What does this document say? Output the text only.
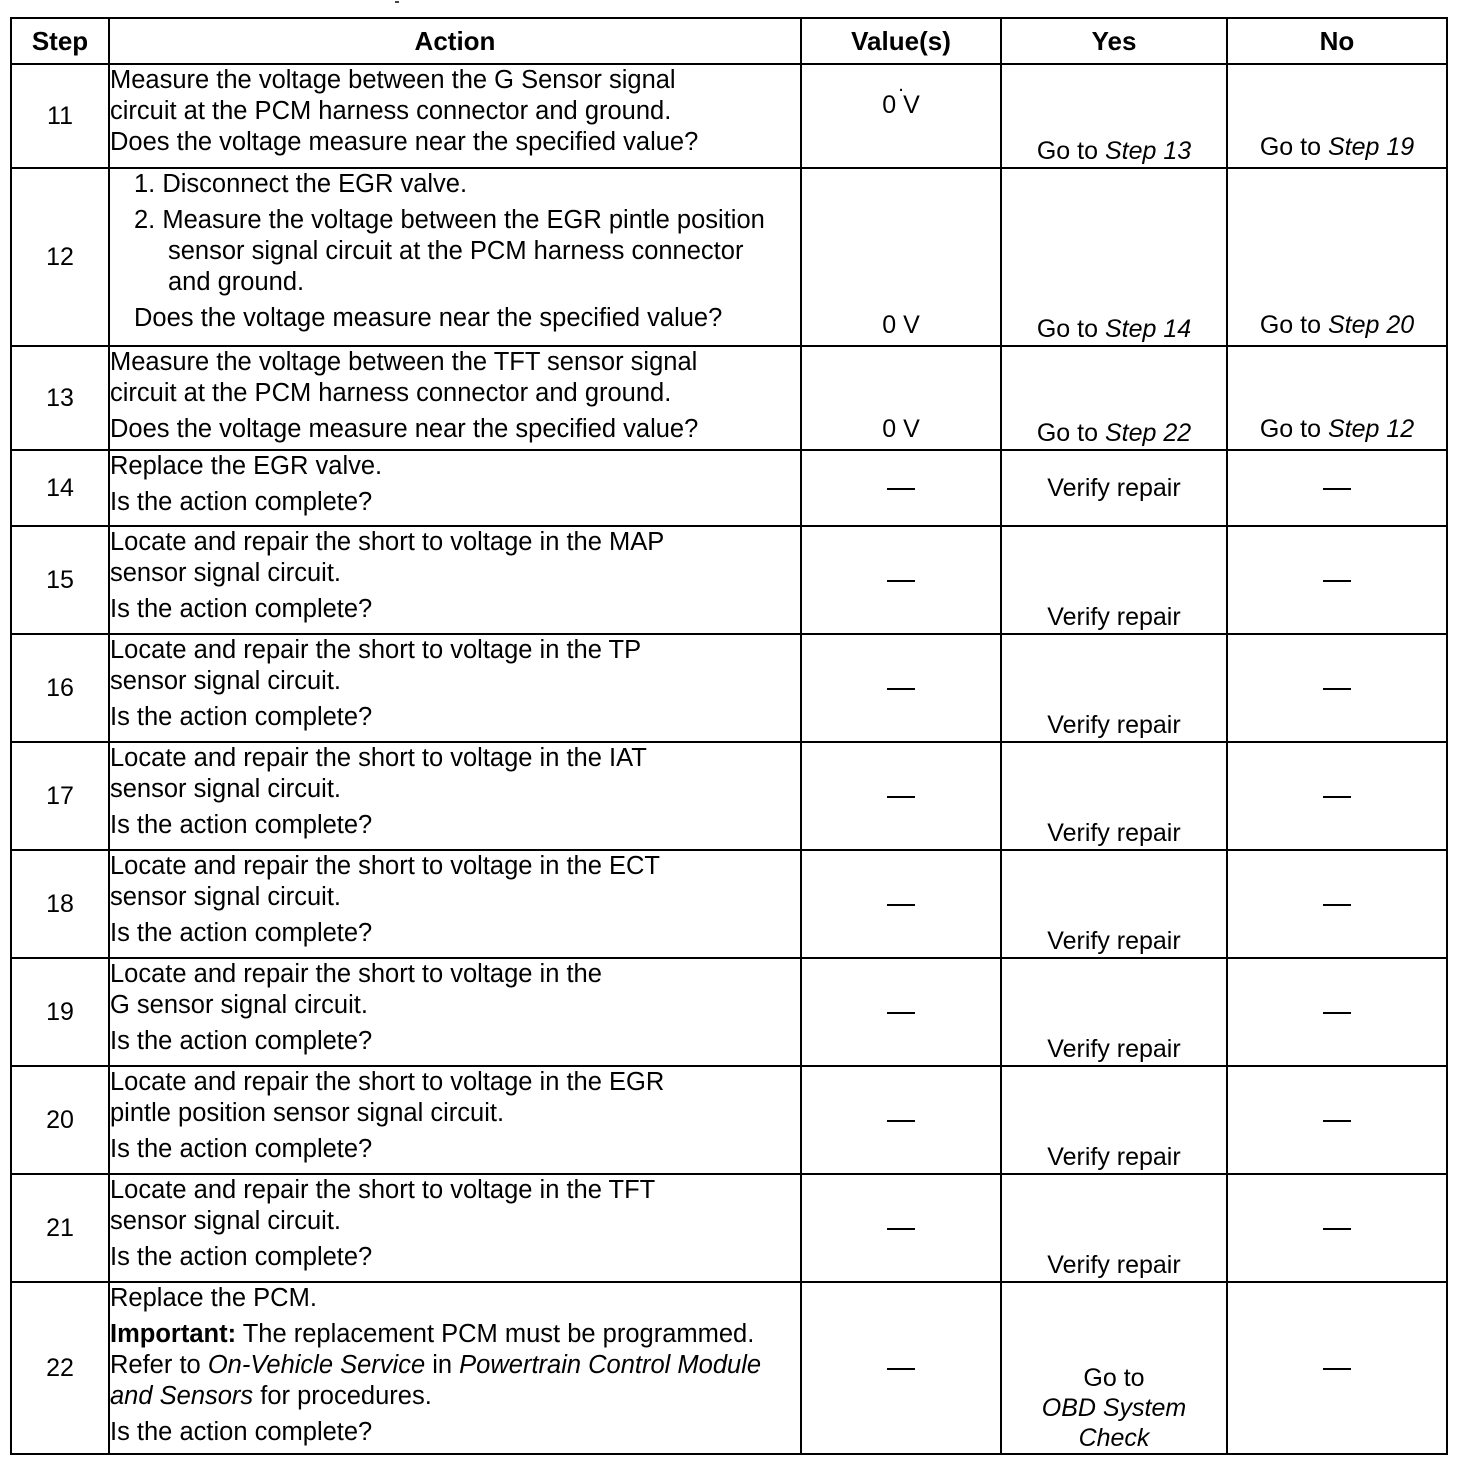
Step	Action	Value(s)	Yes	No
11	Measure the voltage between the G Sensor signal
circuit at the PCM harness connector and ground.
Does the voltage measure near the specified value?	.
0 V	Go to Step 13	Go to Step 19
12	1. Disconnect the EGR valve.
2. Measure the voltage between the EGR pintle position sensor signal circuit at the PCM harness connector and ground.
Does the voltage measure near the specified value?	0 V	Go to Step 14	Go to Step 20
13	Measure the voltage between the TFT sensor signal
circuit at the PCM harness connector and ground.
Does the voltage measure near the specified value?	0 V	Go to Step 22	Go to Step 12
14	Replace the EGR valve.
Is the action complete?		Verify repair	
15	Locate and repair the short to voltage in the MAP
sensor signal circuit.
Is the action complete?		Verify repair	
16	Locate and repair the short to voltage in the TP
sensor signal circuit.
Is the action complete?		Verify repair	
17	Locate and repair the short to voltage in the IAT
sensor signal circuit.
Is the action complete?		Verify repair	
18	Locate and repair the short to voltage in the ECT
sensor signal circuit.
Is the action complete?		Verify repair	
19	Locate and repair the short to voltage in the
G sensor signal circuit.
Is the action complete?		Verify repair	
20	Locate and repair the short to voltage in the EGR
pintle position sensor signal circuit.
Is the action complete?		Verify repair	
21	Locate and repair the short to voltage in the TFT
sensor signal circuit.
Is the action complete?		Verify repair	
22	Replace the PCM.
Important: The replacement PCM must be programmed. Refer to On-Vehicle Service in Powertrain Control Module and Sensors for procedures.
Is the action complete?		Go to OBD System Check	
